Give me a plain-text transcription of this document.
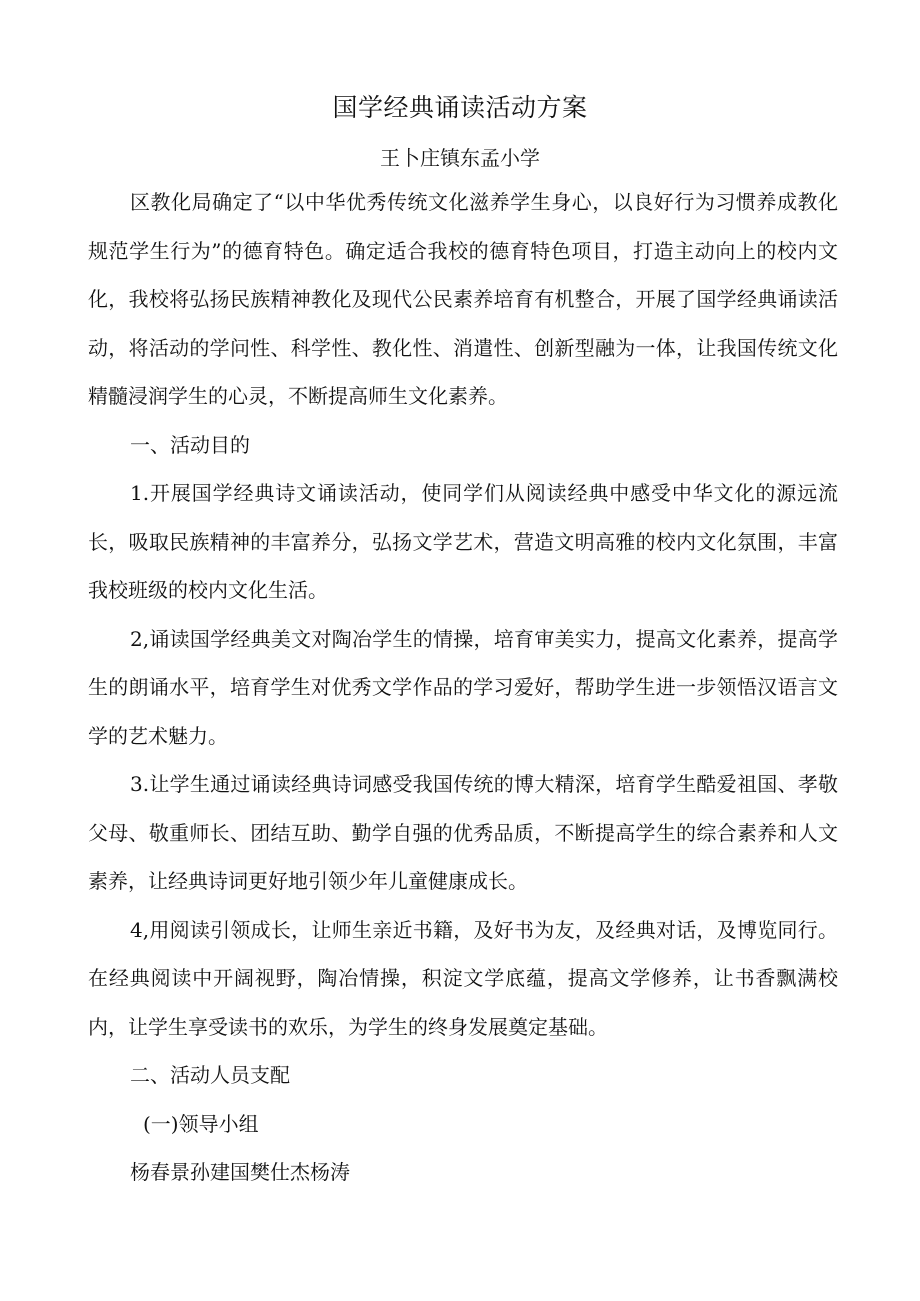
国学经典诵读活动方案
王卜庄镇东孟小学

区教化局确定了“以中华优秀传统文化滋养学生身心，以良好行为习惯养成教化规范学生行为”的德育特色。确定适合我校的德育特色项目，打造主动向上的校内文化，我校将弘扬民族精神教化及现代公民素养培育有机整合，开展了国学经典诵读活动，将活动的学问性、科学性、教化性、消遣性、创新型融为一体，让我国传统文化精髓浸润学生的心灵，不断提高师生文化素养。

一、活动目的

1.开展国学经典诗文诵读活动，使同学们从阅读经典中感受中华文化的源远流长，吸取民族精神的丰富养分，弘扬文学艺术，营造文明高雅的校内文化氛围，丰富我校班级的校内文化生活。

2,诵读国学经典美文对陶冶学生的情操，培育审美实力，提高文化素养，提高学生的朗诵水平，培育学生对优秀文学作品的学习爱好，帮助学生进一步领悟汉语言文学的艺术魅力。

3.让学生通过诵读经典诗词感受我国传统的博大精深，培育学生酷爱祖国、孝敬父母、敬重师长、团结互助、勤学自强的优秀品质，不断提高学生的综合素养和人文素养，让经典诗词更好地引领少年儿童健康成长。

4,用阅读引领成长，让师生亲近书籍，及好书为友，及经典对话，及博览同行。在经典阅读中开阔视野，陶冶情操，积淀文学底蕴，提高文学修养，让书香飘满校内，让学生享受读书的欢乐，为学生的终身发展奠定基础。

二、活动人员支配

(一)领导小组

杨春景孙建国樊仕杰杨涛
